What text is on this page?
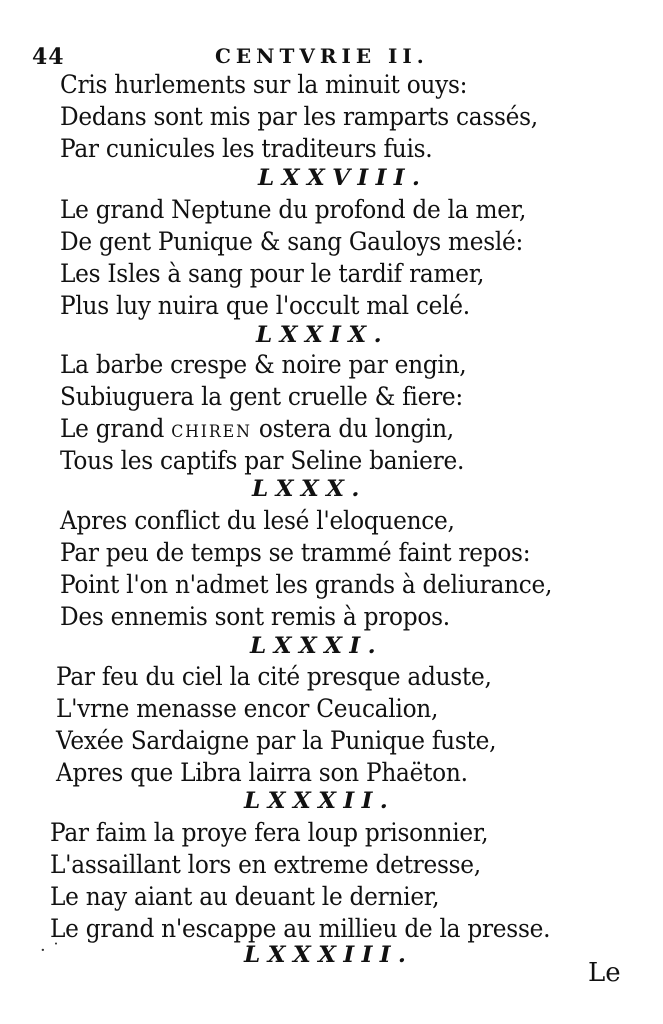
44	CENTVRIE II.
Cris hurlements sur la minuit ouys:
Dedans sont mis par les ramparts cassés,
Par cunicules les traditeurs fuis.
LXXVIII.
Le grand Neptune du profond de la mer,
De gent Punique & sang Gauloys meslé:
Les Isles à sang pour le tardif ramer,
Plus luy nuira que l'occult mal celé.
LXXIX.
La barbe crespe & noire par engin,
Subiuguera la gent cruelle & fiere:
Le grand CHIREN ostera du longin,
Tous les captifs par Seline baniere.
LXXX.
Apres conflict du lesé l'eloquence,
Par peu de temps se trammé faint repos:
Point l'on n'admet les grands à deliurance,
Des ennemis sont remis à propos.
LXXXI.
Par feu du ciel la cité presque aduste,
L'vrne menasse encor Ceucalion,
Vexée Sardaigne par la Punique fuste,
Apres que Libra lairra son Phaëton.
LXXXII.
Par faim la proye fera loup prisonnier,
L'assaillant lors en extreme detresse,
Le nay aiant au deuant le dernier,
Le grand n'escappe au millieu de la presse.
LXXXIII.
· ˙
Le
